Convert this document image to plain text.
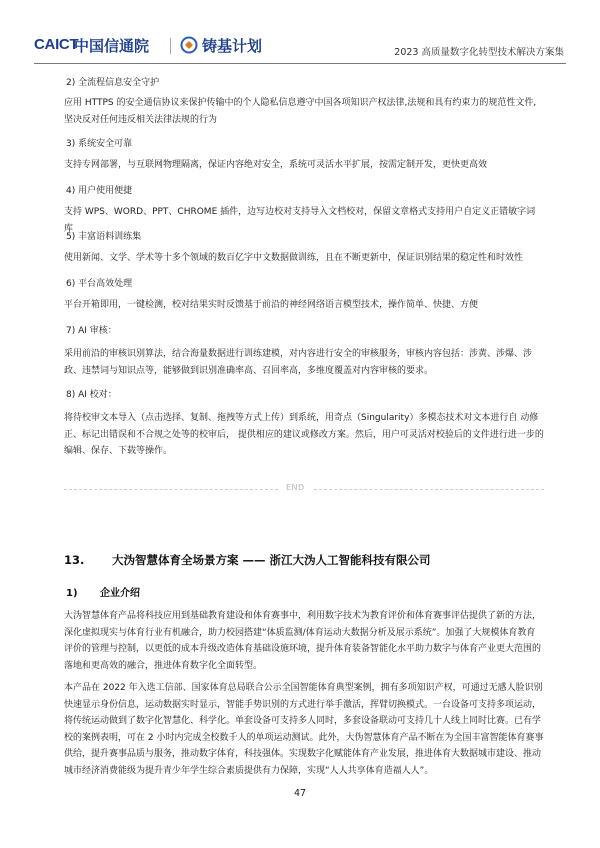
CAICT
中国信通院	铸基计划	2023 高质量数字化转型技术解决方案集

2) 全流程信息安全守护

应用 HTTPS 的安全通信协议来保护传输中的个人隐私信息遵守中国各项知识产权法律,法规和具有约束力的规范性文件,坚决反对任何违反相关法律法规的行为

3) 系统安全可靠

支持专网部署，与互联网物理隔离，保证内容绝对安全，系统可灵活水平扩展，按需定制开发，更快更高效

4) 用户使用便捷

支持 WPS、WORD、PPT、CHROME 插件，边写边校对支持导入文档校对，保留文章格式支持用户自定义正错敏字词库

5) 丰富语料训练集

使用新闻、文学、学术等十多个领域的数百亿字中文数据做训练，且在不断更新中，保证识别结果的稳定性和时效性

6) 平台高效处理

平台开箱即用，一键检测，校对结果实时反馈基于前沿的神经网络语言模型技术，操作简单、快捷、方便

7) AI 审核：

采用前沿的审核识别算法，结合海量数据进行训练建模，对内容进行安全的审核服务，审核内容包括：涉黄、涉爆、涉政、违禁词与知识点等，能够做到识别准确率高、召回率高，多维度覆盖对内容审核的要求。

8) AI 校对：

将待校审文本导入（点击选择、复制、拖拽等方式上传）到系统，用奇点（Singularity）多模态技术对文本进行自 动修正、标记出错误和不合规之处等的校审后， 提供相应的建议或修改方案。然后，用户可灵活对校验后的文件进行进一步的编辑、保存、下载等操作。

END
13. 大沩智慧体育全场景方案 —— 浙江大沩人工智能科技有限公司
1) 企业介绍

大沩智慧体育产品将科技应用到基础教育建设和体育赛事中，利用数字技术为教育评价和体育赛事评估提供了新的方法，深化虚拟现实与体育行业有机融合，助力校园搭建“体质监测/体育运动大数据分析及展示系统”。加强了大规模体育教育评价的管理与控制，以更低的成本升级改造体育基础设施环境，提升体育装备智能化水平助力数字与体育产业更大范围的落地和更高效的融合，推进体育数字化全面转型。

本产品在 2022 年入选工信部、国家体育总局联合公示全国智能体育典型案例，拥有多项知识产权，可通过无感人脸识别快速显示身份信息，运动数据实时显示，智能手势识别的方式进行举手激活，挥臂切换模式。一台设备可支持多项运动，将传统运动做到了数字化智慧化、科学化。单套设备可支持多人同时，多套设备联动可支持几十人线上同时比赛。已有学校的案例表明，可在 2 小时内完成全校数千人的单项运动测试。此外，大伪智慧体育产品不断在为全国丰富智能体育赛事供给，提升赛事品质与服务，推动数字体育，科技强体。实现数字化赋能体育产业发展，推进体育大数据城市建设、推动城市经济消费能级为提升青少年学生综合素质提供有力保障，实现“人人共享体育造福人人”。

47
